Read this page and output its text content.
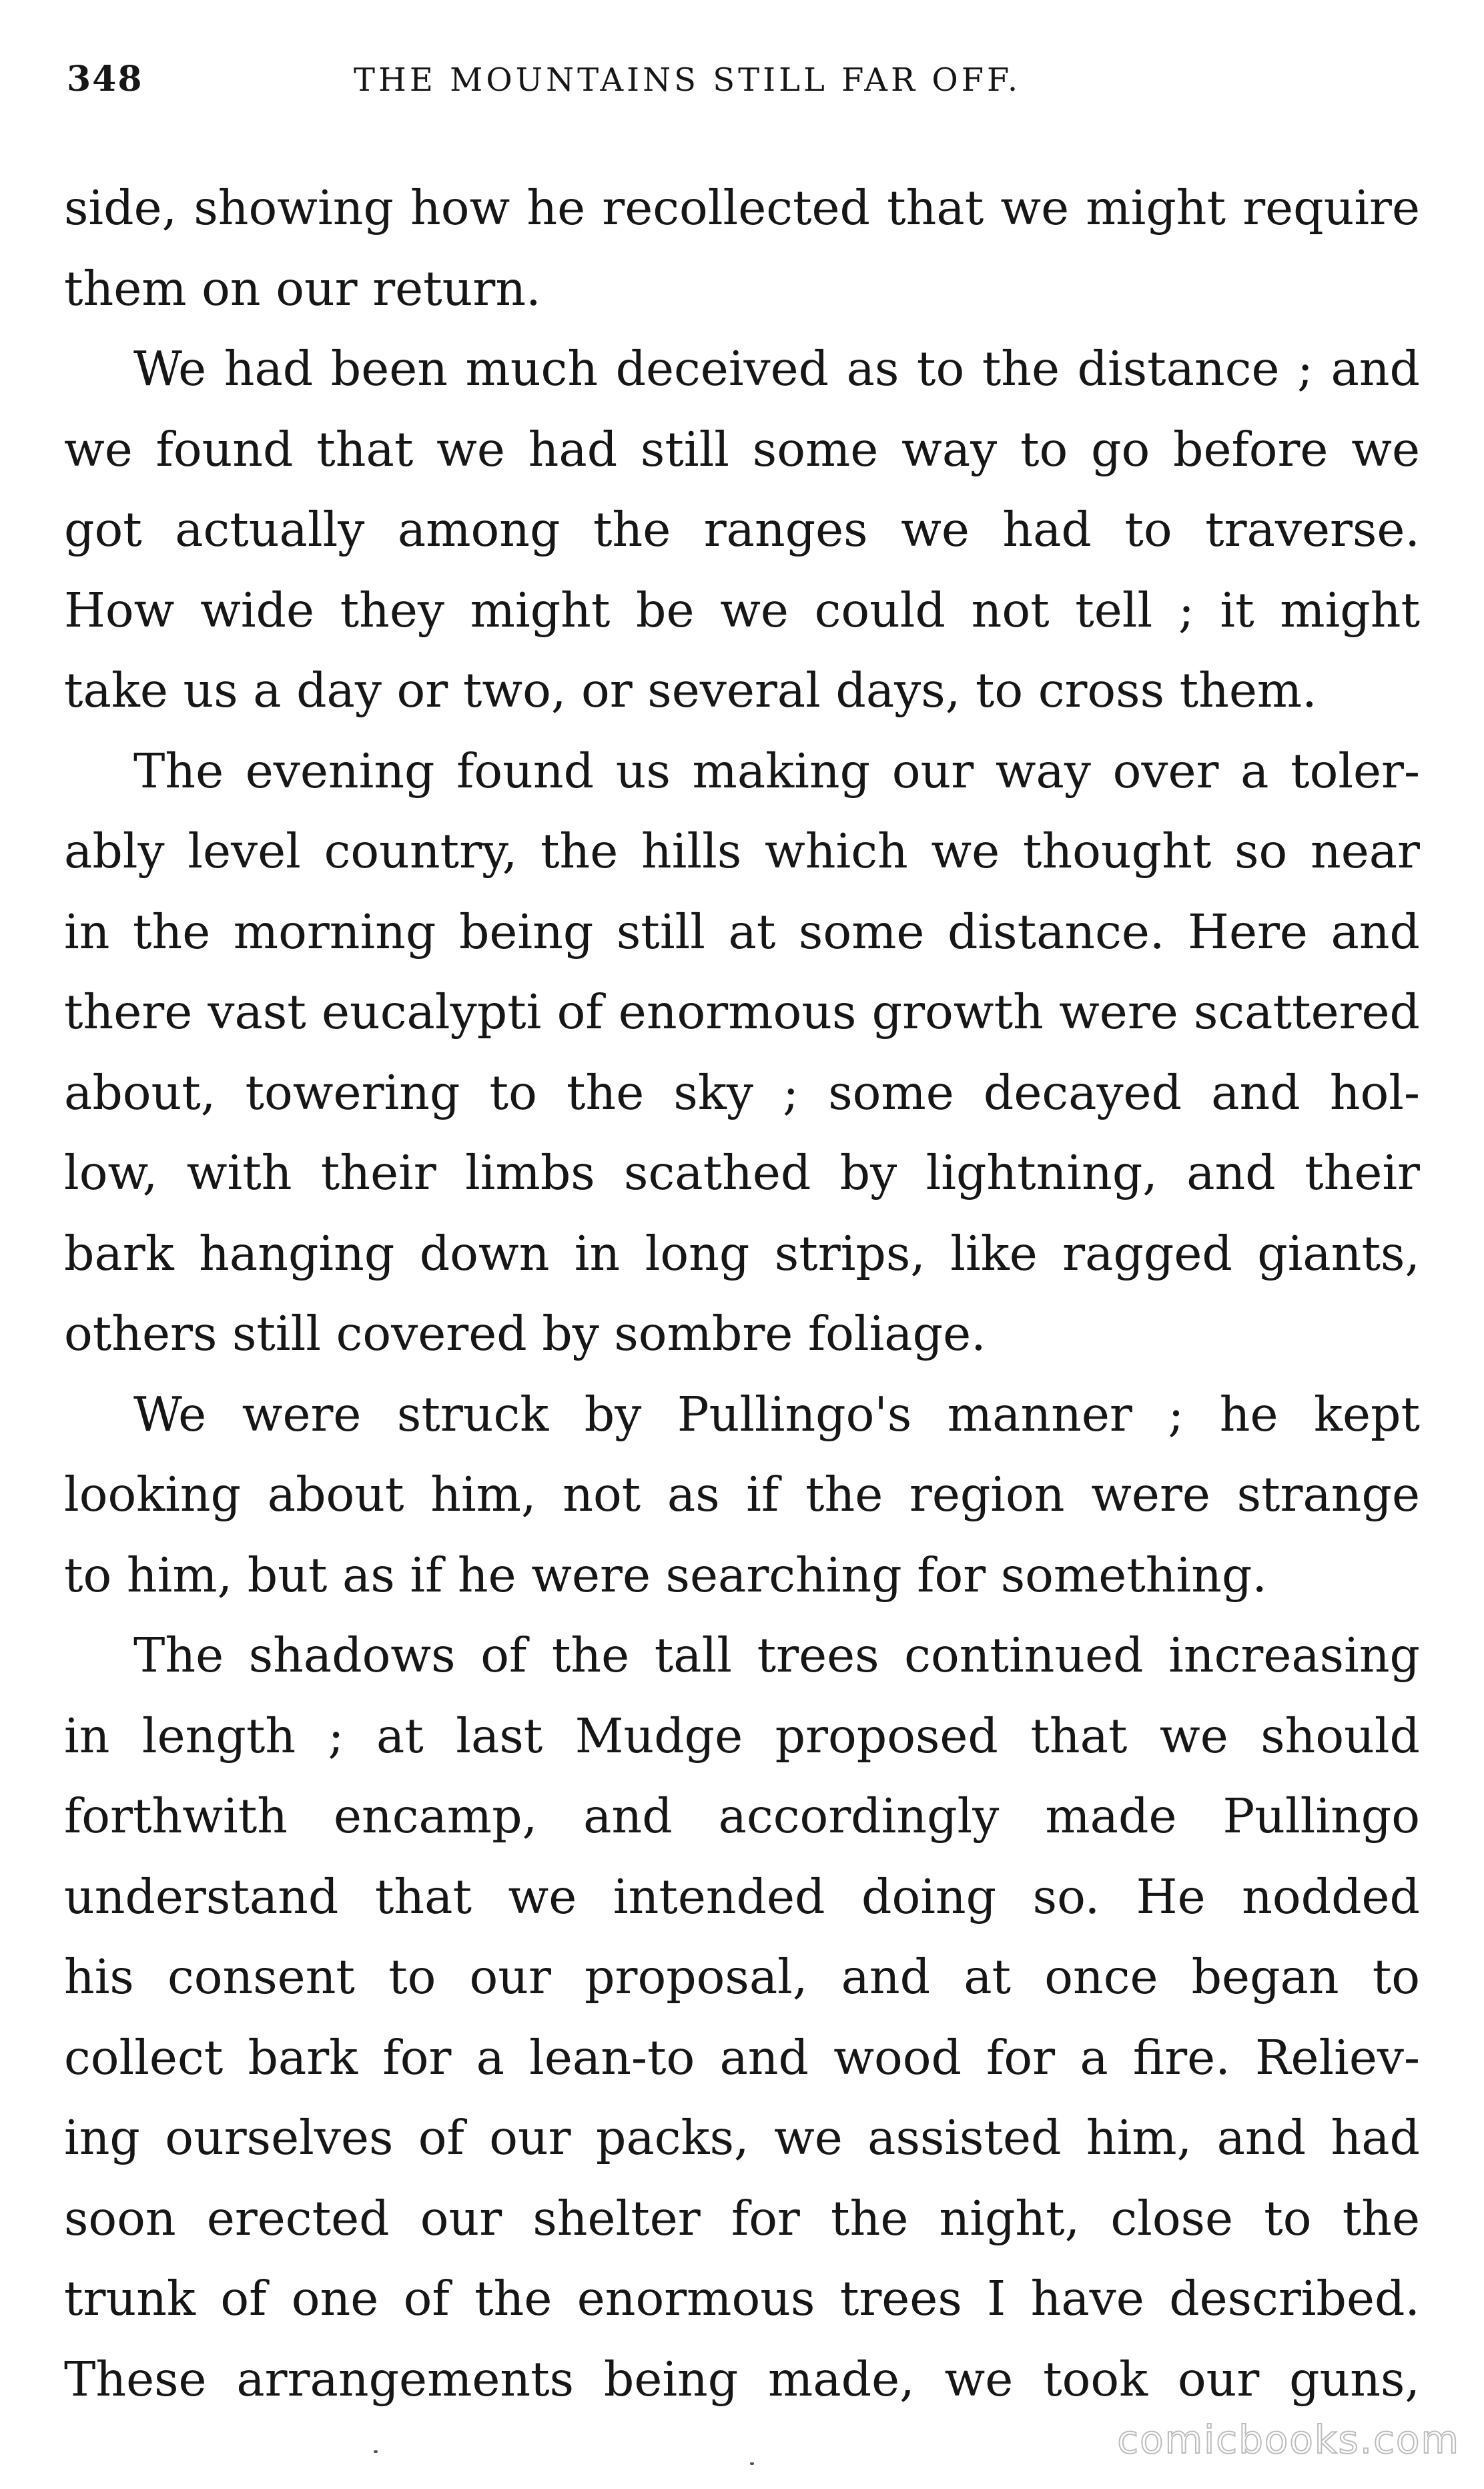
348	THE MOUNTAINS STILL FAR OFF.
side, showing how he recollected that we might require
them on our return.
We had been much deceived as to the distance ; and
we found that we had still some way to go before we
got actually among the ranges we had to traverse.
How wide they might be we could not tell ; it might
take us a day or two, or several days, to cross them.
The evening found us making our way over a toler-
ably level country, the hills which we thought so near
in the morning being still at some distance. Here and
there vast eucalypti of enormous growth were scattered
about, towering to the sky ; some decayed and hol-
low, with their limbs scathed by lightning, and their
bark hanging down in long strips, like ragged giants,
others still covered by sombre foliage.
We were struck by Pullingo's manner ; he kept
looking about him, not as if the region were strange
to him, but as if he were searching for something.
The shadows of the tall trees continued increasing
in length ; at last Mudge proposed that we should
forthwith encamp, and accordingly made Pullingo
understand that we intended doing so. He nodded
his consent to our proposal, and at once began to
collect bark for a lean-to and wood for a fire. Reliev-
ing ourselves of our packs, we assisted him, and had
soon erected our shelter for the night, close to the
trunk of one of the enormous trees I have described.
These arrangements being made, we took our guns,
comicbooks.com
